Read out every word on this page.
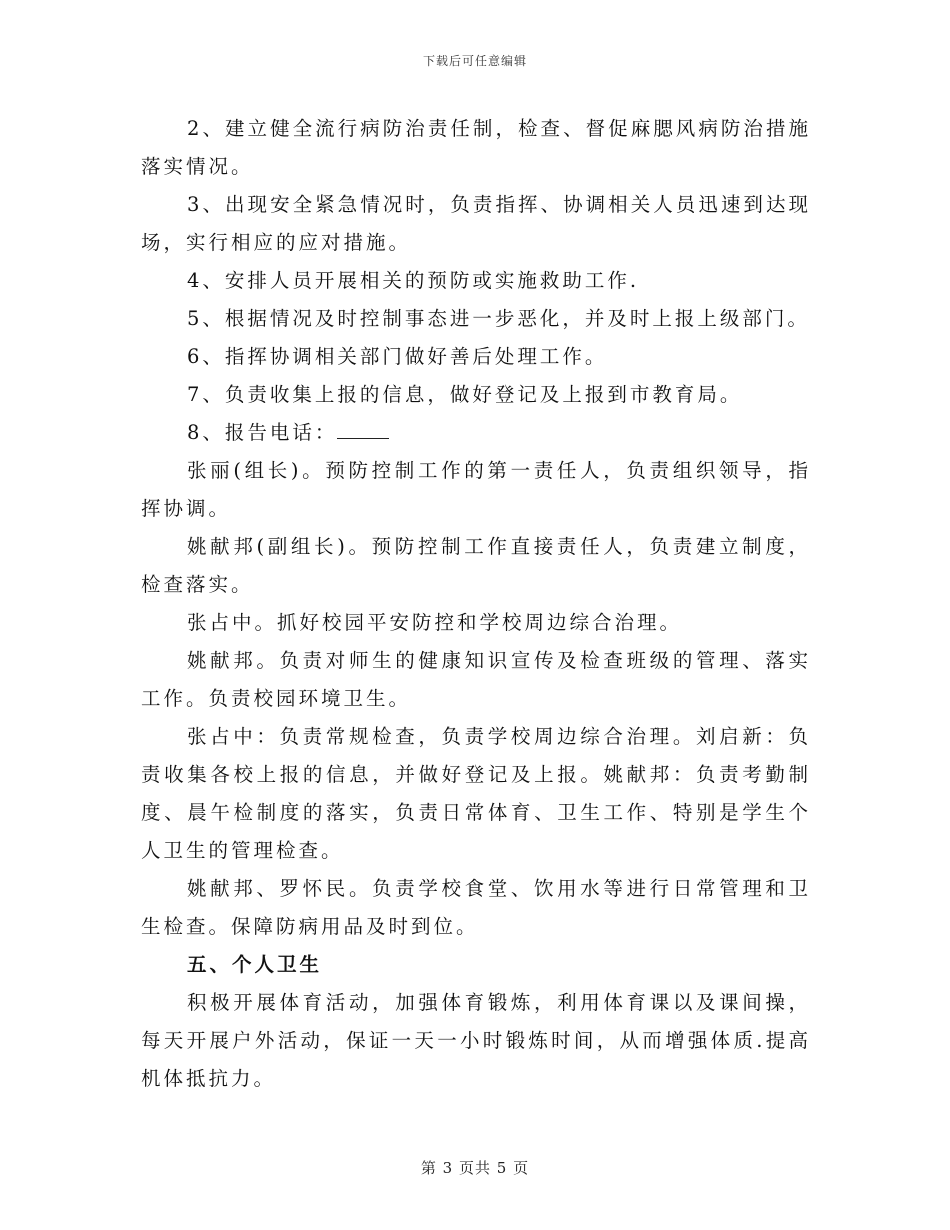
下载后可任意编辑

2、建立健全流行病防治责任制，检查、督促麻腮风病防治措施落实情况。

3、出现安全紧急情况时，负责指挥、协调相关人员迅速到达现场，实行相应的应对措施。

4、安排人员开展相关的预防或实施救助工作.

5、根据情况及时控制事态进一步恶化，并及时上报上级部门。

6、指挥协调相关部门做好善后处理工作。

7、负责收集上报的信息，做好登记及上报到市教育局。

8、报告电话：

张丽(组长)。预防控制工作的第一责任人，负责组织领导，指挥协调。

姚献邦(副组长)。预防控制工作直接责任人，负责建立制度，检查落实。

张占中。抓好校园平安防控和学校周边综合治理。

姚献邦。负责对师生的健康知识宣传及检查班级的管理、落实工作。负责校园环境卫生。

张占中：负责常规检查，负责学校周边综合治理。刘启新：负责收集各校上报的信息，并做好登记及上报。姚献邦：负责考勤制度、晨午检制度的落实，负责日常体育、卫生工作、特别是学生个人卫生的管理检查。

姚献邦、罗怀民。负责学校食堂、饮用水等进行日常管理和卫生检查。保障防病用品及时到位。

五、个人卫生

积极开展体育活动，加强体育锻炼，利用体育课以及课间操，每天开展户外活动，保证一天一小时锻炼时间，从而增强体质.提高机体抵抗力。

第 3 页共 5 页
